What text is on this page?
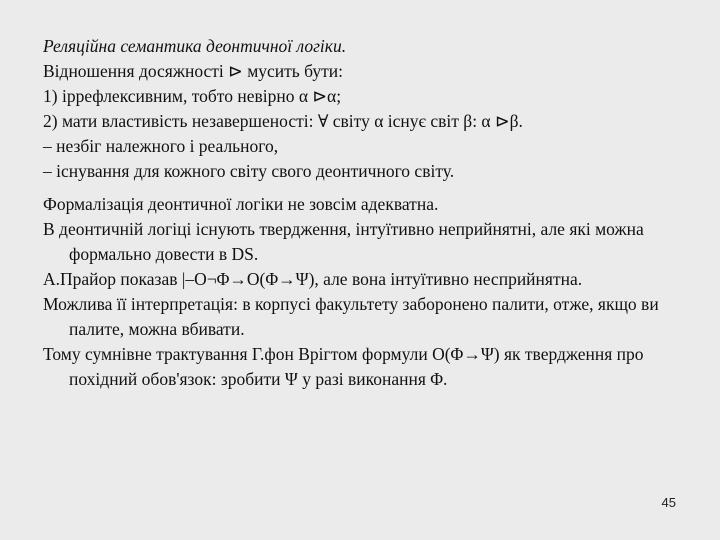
Реляційна семантика деонтичної логіки.
Відношення досяжності ⊳ мусить бути:
1) іррефлексивним, тобто невірно α ⊳α;
2) мати властивість незавершеності: ∀ світу α існує світ β: α ⊳β.
– незбіг належного і реального,
– існування для кожного світу свого деонтичного світу.
Формалізація деонтичної логіки не зовсім адекватна.
В деонтичній логіці існують твердження, інтуїтивно неприйнятні, але які можна формально довести в DS.
А.Прайор показав |–O¬Φ→O(Φ→Ψ), але вона інтуїтивно несприйнятна.
Можлива її інтерпретація: в корпусі факультету заборонено палити, отже, якщо ви палите, можна вбивати.
Тому сумнівне трактування Г.фон Врігтом формули O(Φ→Ψ) як твердження про похідний обов'язок: зробити Ψ у разі виконання Φ.
45
